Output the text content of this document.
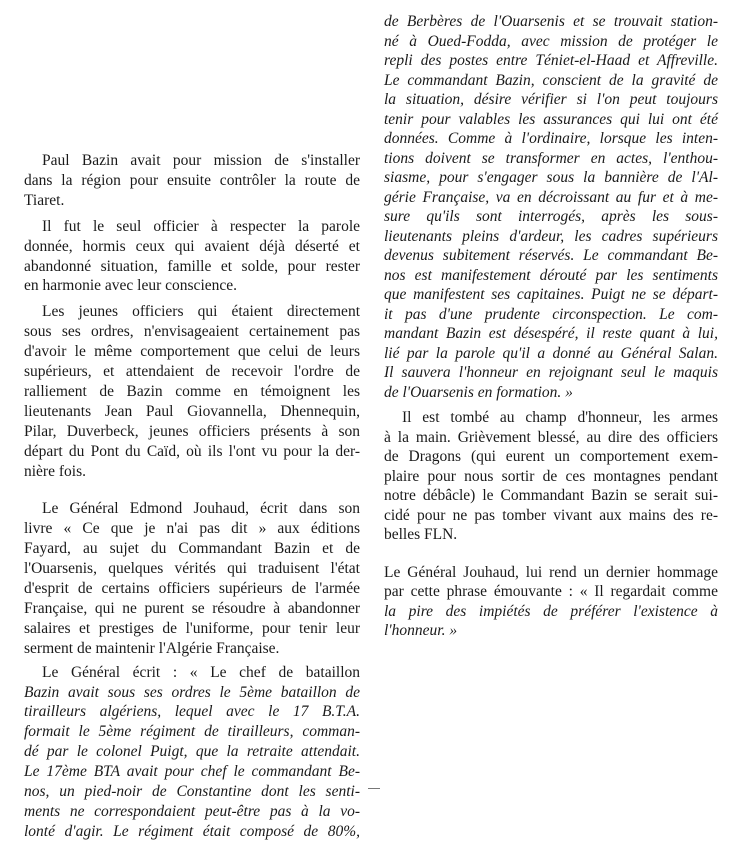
Paul Bazin avait pour mission de s'installer
dans la région pour ensuite contrôler la route de
Tiaret.
Il fut le seul officier à respecter la parole
donnée, hormis ceux qui avaient déjà déserté et
abandonné situation, famille et solde, pour rester
en harmonie avec leur conscience.
Les jeunes officiers qui étaient directement
sous ses ordres, n'envisageaient certainement pas
d'avoir le même comportement que celui de leurs
supérieurs, et attendaient de recevoir l'ordre de
ralliement de Bazin comme en témoignent les
lieutenants Jean Paul Giovannella, Dhennequin,
Pilar, Duverbeck, jeunes officiers présents à son
départ du Pont du Caïd, où ils l'ont vu pour la der-
nière fois.
Le Général Edmond Jouhaud, écrit dans son
livre « Ce que je n'ai pas dit » aux éditions
Fayard, au sujet du Commandant Bazin et de
l'Ouarsenis, quelques vérités qui traduisent l'état
d'esprit de certains officiers supérieurs de l'armée
Française, qui ne purent se résoudre à abandonner
salaires et prestiges de l'uniforme, pour tenir leur
serment de maintenir l'Algérie Française.
Le Général écrit : « Le chef de bataillon
Bazin avait sous ses ordres le 5ème bataillon de
tirailleurs algériens, lequel avec le 17 B.T.A.
formait le 5ème régiment de tirailleurs, comman-
dé par le colonel Puigt, que la retraite attendait.
Le 17ème BTA avait pour chef le commandant Be-
nos, un pied-noir de Constantine dont les senti-
ments ne correspondaient peut-être pas à la vo-
lonté d'agir. Le régiment était composé de 80%,
de Berbères de l'Ouarsenis et se trouvait station-
né à Oued-Fodda, avec mission de protéger le
repli des postes entre Téniet-el-Haad et Affreville.
Le commandant Bazin, conscient de la gravité de
la situation, désire vérifier si l'on peut toujours
tenir pour valables les assurances qui lui ont été
données. Comme à l'ordinaire, lorsque les inten-
tions doivent se transformer en actes, l'enthou-
siasme, pour s'engager sous la bannière de l'Al-
gérie Française, va en décroissant au fur et à me-
sure qu'ils sont interrogés, après les sous-
lieutenants pleins d'ardeur, les cadres supérieurs
devenus subitement réservés. Le commandant Be-
nos est manifestement dérouté par les sentiments
que manifestent ses capitaines. Puigt ne se départ-
it pas d'une prudente circonspection. Le com-
mandant Bazin est désespéré, il reste quant à lui,
lié par la parole qu'il a donné au Général Salan.
Il sauvera l'honneur en rejoignant seul le maquis
de l'Ouarsenis en formation. »
Il est tombé au champ d'honneur, les armes
à la main. Grièvement blessé, au dire des officiers
de Dragons (qui eurent un comportement exem-
plaire pour nous sortir de ces montagnes pendant
notre débâcle) le Commandant Bazin se serait sui-
cidé pour ne pas tomber vivant aux mains des re-
belles FLN.
Le Général Jouhaud, lui rend un dernier hommage
par cette phrase émouvante : « Il regardait comme
la pire des impiétés de préférer l'existence à
l'honneur. »
